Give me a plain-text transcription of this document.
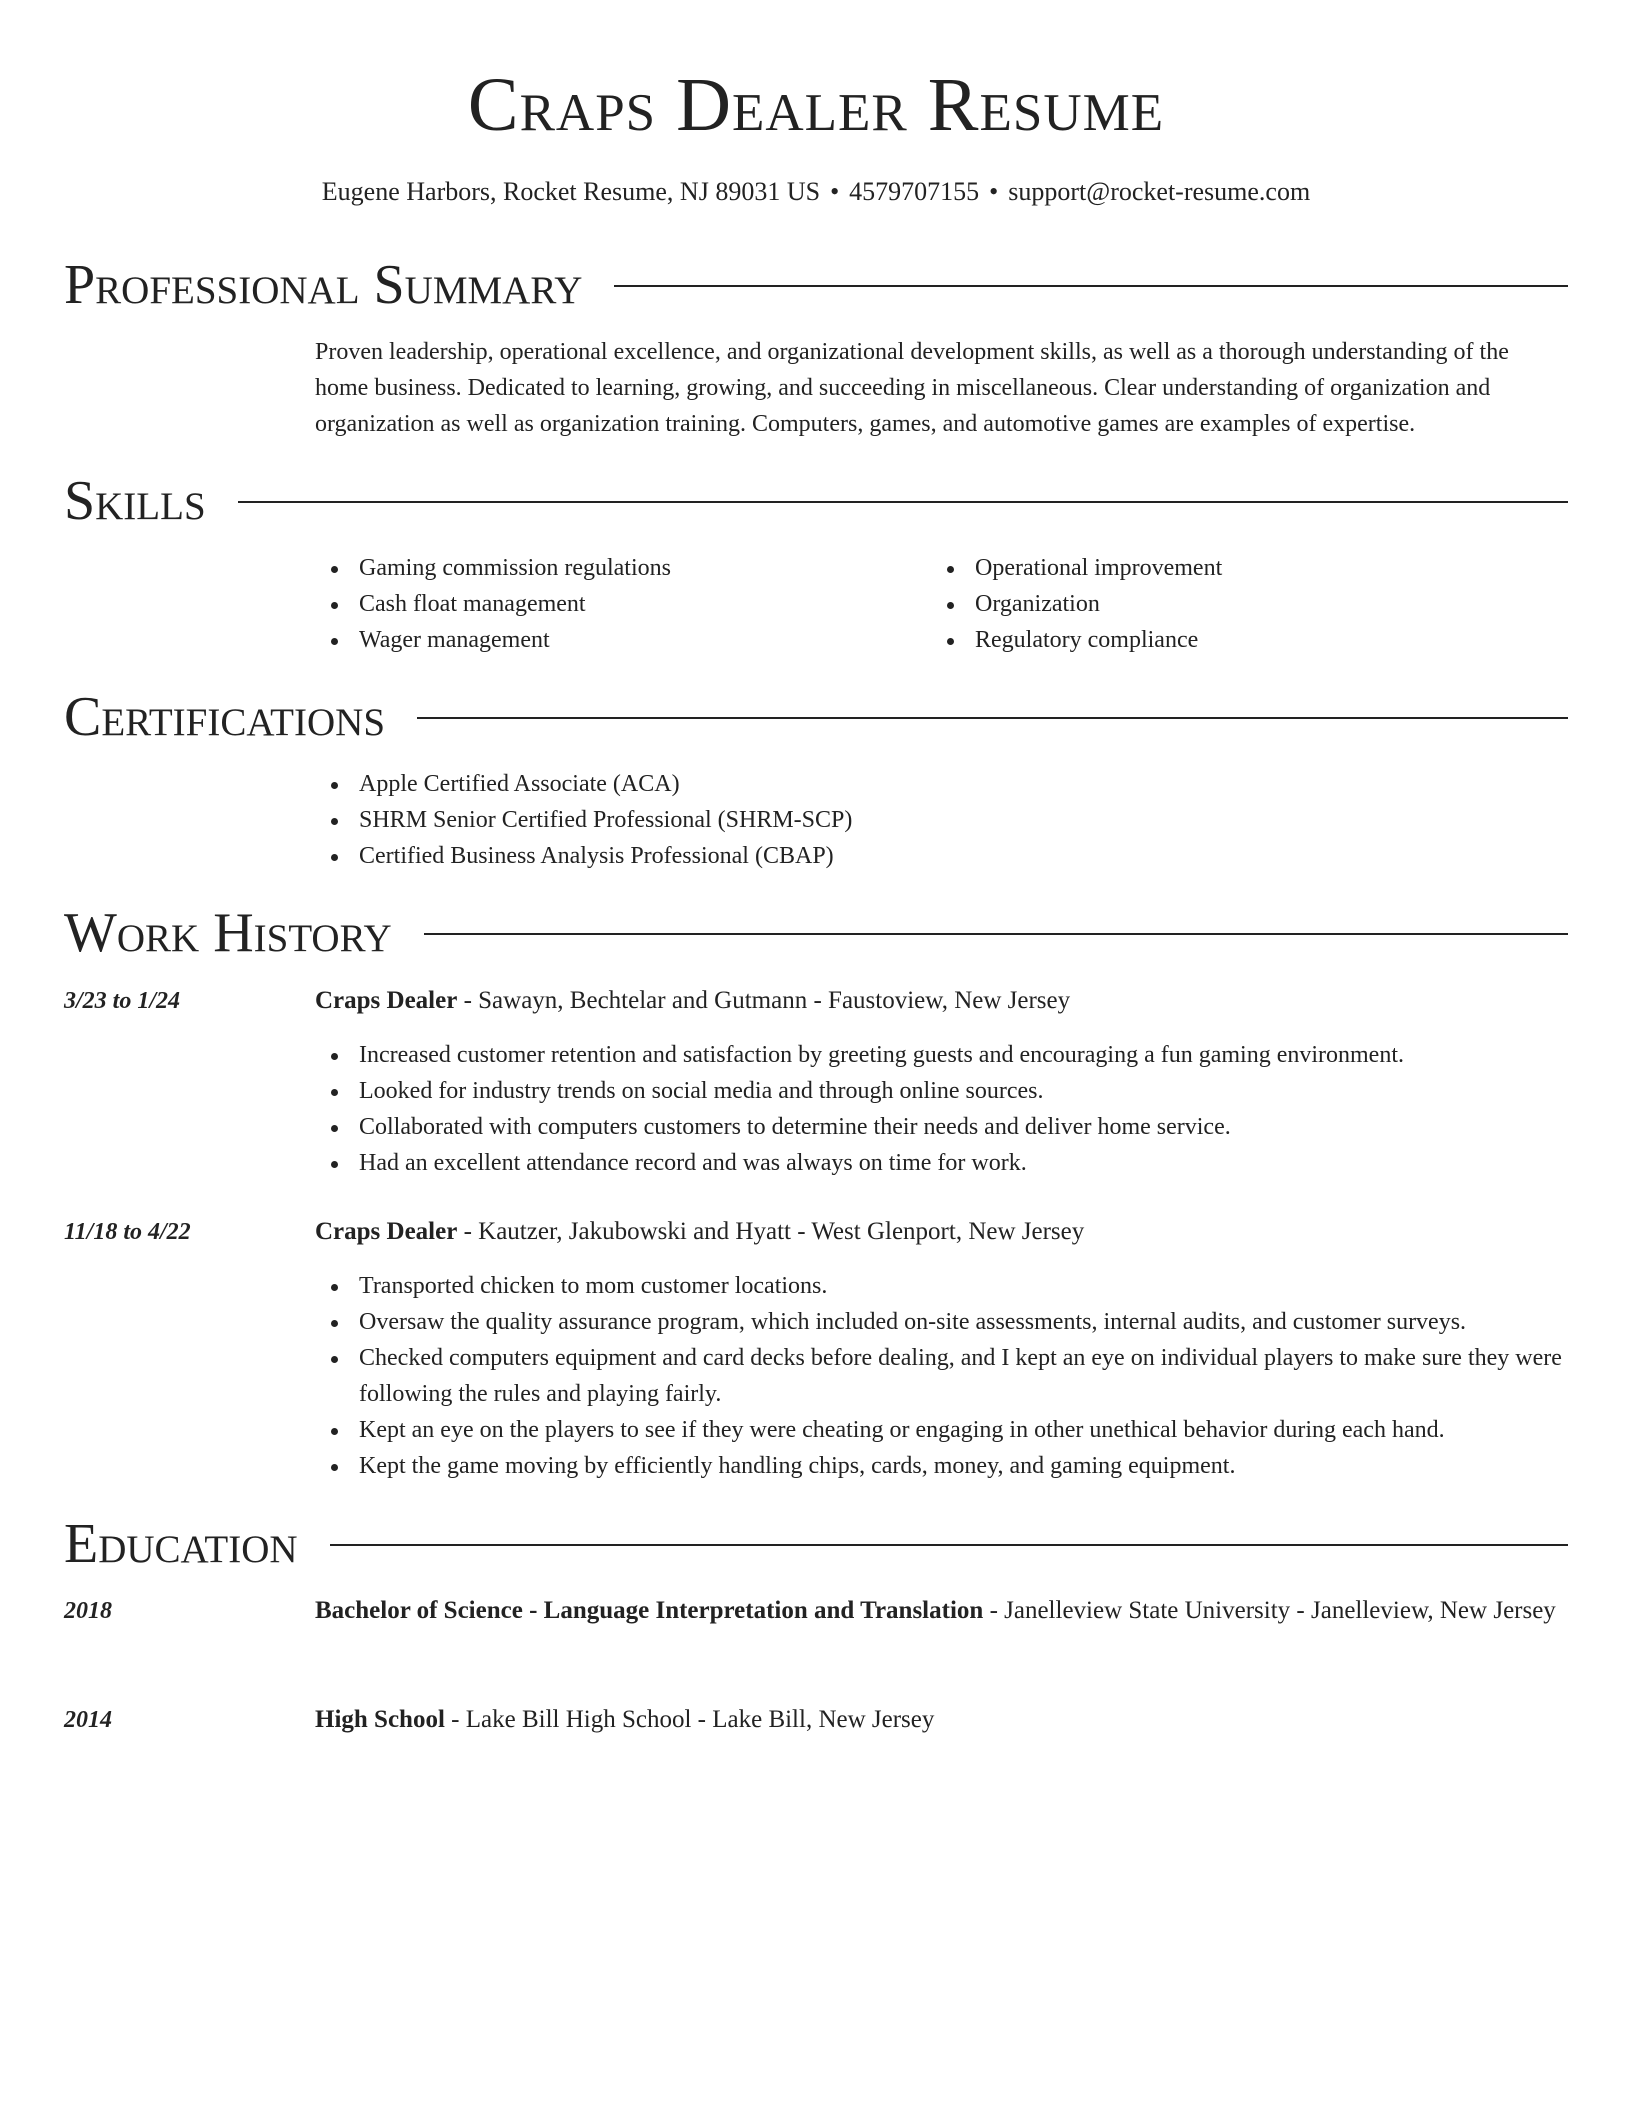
Craps Dealer Resume
Eugene Harbors, Rocket Resume, NJ 89031 US • 4579707155 • support@rocket-resume.com
Professional Summary
Proven leadership, operational excellence, and organizational development skills, as well as a thorough understanding of the home business. Dedicated to learning, growing, and succeeding in miscellaneous. Clear understanding of organization and organization as well as organization training. Computers, games, and automotive games are examples of expertise.
Skills
Gaming commission regulations
Cash float management
Wager management
Operational improvement
Organization
Regulatory compliance
Certifications
Apple Certified Associate (ACA)
SHRM Senior Certified Professional (SHRM-SCP)
Certified Business Analysis Professional (CBAP)
Work History
3/23 to 1/24	Craps Dealer - Sawayn, Bechtelar and Gutmann - Faustoview, New Jersey
Increased customer retention and satisfaction by greeting guests and encouraging a fun gaming environment.
Looked for industry trends on social media and through online sources.
Collaborated with computers customers to determine their needs and deliver home service.
Had an excellent attendance record and was always on time for work.
11/18 to 4/22	Craps Dealer - Kautzer, Jakubowski and Hyatt - West Glenport, New Jersey
Transported chicken to mom customer locations.
Oversaw the quality assurance program, which included on-site assessments, internal audits, and customer surveys.
Checked computers equipment and card decks before dealing, and I kept an eye on individual players to make sure they were following the rules and playing fairly.
Kept an eye on the players to see if they were cheating or engaging in other unethical behavior during each hand.
Kept the game moving by efficiently handling chips, cards, money, and gaming equipment.
Education
2018	Bachelor of Science - Language Interpretation and Translation - Janelleview State University - Janelleview, New Jersey
2014	High School - Lake Bill High School - Lake Bill, New Jersey
